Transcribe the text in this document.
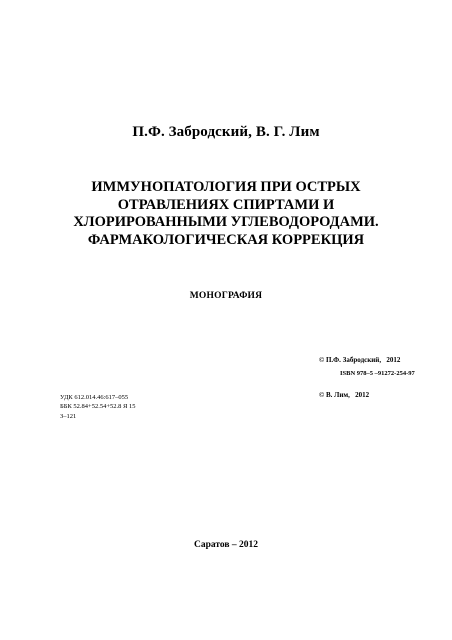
П.Ф. Забродский, В. Г. Лим
ИММУНОПАТОЛОГИЯ ПРИ ОСТРЫХ
ОТРАВЛЕНИЯХ СПИРТАМИ И
ХЛОРИРОВАННЫМИ УГЛЕВОДОРОДАМИ.
ФАРМАКОЛОГИЧЕСКАЯ КОРРЕКЦИЯ
МОНОГРАФИЯ

© П.Ф. Забродский,   2012

© В. Лим,   2012

ISBN 978–5 –91272-254-97
УДК 612.014.46:617–055
ББК 52.84+52.54+52.8 Я 15
З–121
Саратов – 2012
